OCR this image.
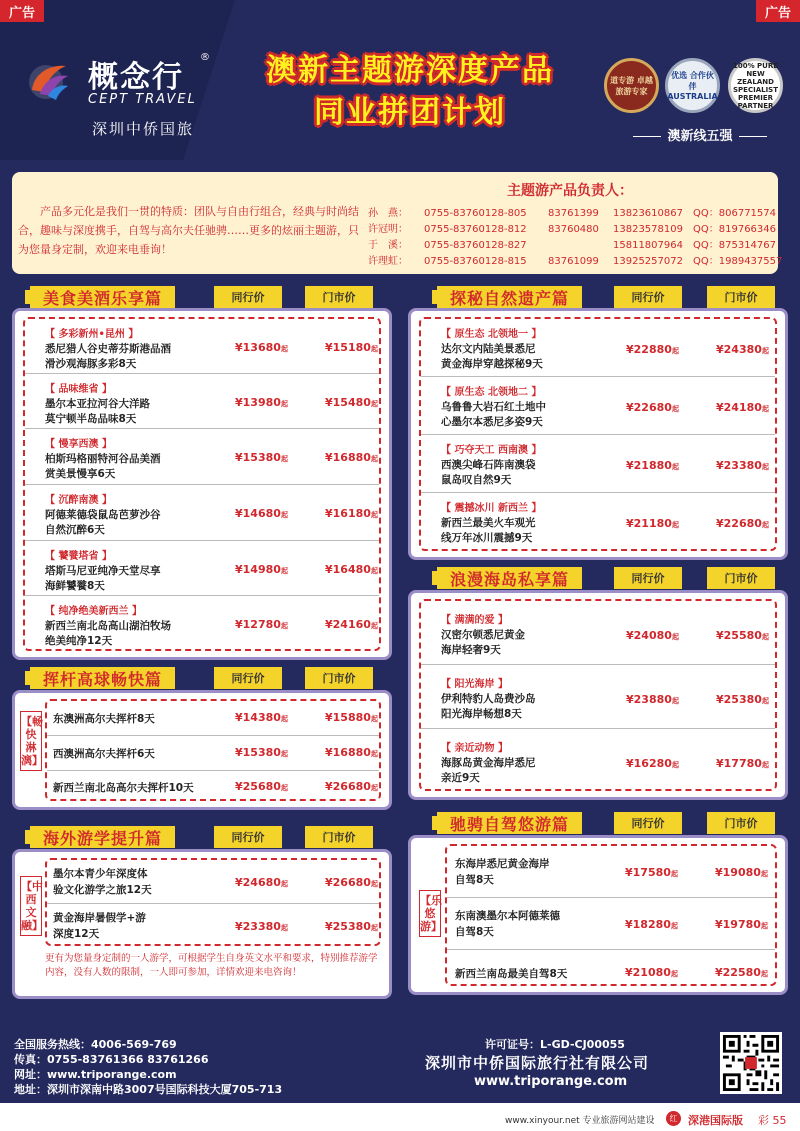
广告	广告
概念行
®
CEPT TRAVEL
深圳中侨国旅
澳新主题游深度产品
同业拼团计划
道专游 卓越 旅游专家
优选 合作伙伴 AUSTRALIA
100% PURE NEW ZEALAND SPECIALIST PREMIER PARTNER
澳新线五强
产品多元化是我们一贯的特质：团队与自由行组合，经典与时尚结合，趣味与深度携手，自驾与高尔夫任驰骋……更多的炫丽主题游，只为您量身定制，欢迎来电垂询！
主题游产品负责人：
孙　燕： 0755-83760128-805 83761399 13823610867 QQ：806771574
许冠明： 0755-83760128-812 83760480 13823578109 QQ：819766346
于　溪： 0755-83760128-827	15811807964 QQ：875314767
许理虹： 0755-83760128-815 83761099 13925257072 QQ：1989437557
美食美酒乐享篇	同行价	门市价
【 多彩新州•昆州 】
悉尼猎人谷史蒂芬斯港品酒
滑沙观海豚多彩8天
¥13680起	¥15180起
【 品味维省 】
墨尔本亚拉河谷大洋路
莫宁顿半岛品味8天
¥13980起	¥15480起
【 慢享西澳 】
柏斯玛格丽特河谷品美酒
赏美景慢享6天
¥15380起	¥16880起
【 沉醉南澳 】
阿德莱德袋鼠岛芭萝沙谷
自然沉醉6天
¥14680起	¥16180起
【 饕餮塔省 】
塔斯马尼亚纯净天堂尽享
海鲜饕餮8天
¥14980起	¥16480起
【 纯净绝美新西兰 】
新西兰南北岛高山湖泊牧场
绝美纯净12天
¥12780起	¥24160起
挥杆高球畅快篇	同行价	门市价
【畅快淋漓】
东澳洲高尔夫挥杆8天	¥14380起	¥15880起
西澳洲高尔夫挥杆6天	¥15380起	¥16880起
新西兰南北岛高尔夫挥杆10天	¥25680起	¥26680起
海外游学提升篇	同行价	门市价
【中西文融】
墨尔本青少年深度体
验文化游学之旅12天
¥24680起	¥26680起
黄金海岸暑假学+游
深度12天
¥23380起	¥25380起
更有为您量身定制的一人游学，可根据学生自身英文水平和要求，特别推荐游学内容，没有人数的限制，一人即可参加，详情欢迎来电咨询！
探秘自然遗产篇	同行价	门市价
【 原生态 北领地一 】
达尔文内陆美景悉尼
黄金海岸穿越探秘9天
¥22880起	¥24380起
【 原生态 北领地二 】
乌鲁鲁大岩石红土地中
心墨尔本悉尼多姿9天
¥22680起	¥24180起
【 巧夺天工 西南澳 】
西澳尖峰石阵南澳袋
鼠岛叹自然9天
¥21880起	¥23380起
【 震撼冰川 新西兰 】
新西兰最美火车观光
线万年冰川震撼9天
¥21180起	¥22680起
浪漫海岛私享篇	同行价	门市价
【 满满的爱 】
汉密尔顿悉尼黄金
海岸轻奢9天
¥24080起	¥25580起
【 阳光海岸 】
伊利特豹人岛费沙岛
阳光海岸畅想8天
¥23880起	¥25380起
【 亲近动物 】
海豚岛黄金海岸悉尼
亲近9天
¥16280起	¥17780起
驰骋自驾悠游篇	同行价	门市价
【乐悠游】
东海岸悉尼黄金海岸
自驾8天
¥17580起	¥19080起
东南澳墨尔本阿德莱德
自驾8天
¥18280起	¥19780起
新西兰南岛最美自驾8天	¥21080起	¥22580起
全国服务热线：4006-569-769
传真：0755-83761366 83761266
网址：www.triporange.com
地址：深圳市深南中路3007号国际科技大厦705-713
许可证号：L-GD-CJ00055
深圳市中侨国际旅行社有限公司
www.triporange.com
www.xinyour.net 专业旅游网站建设	红 深港国际版 彩 55
